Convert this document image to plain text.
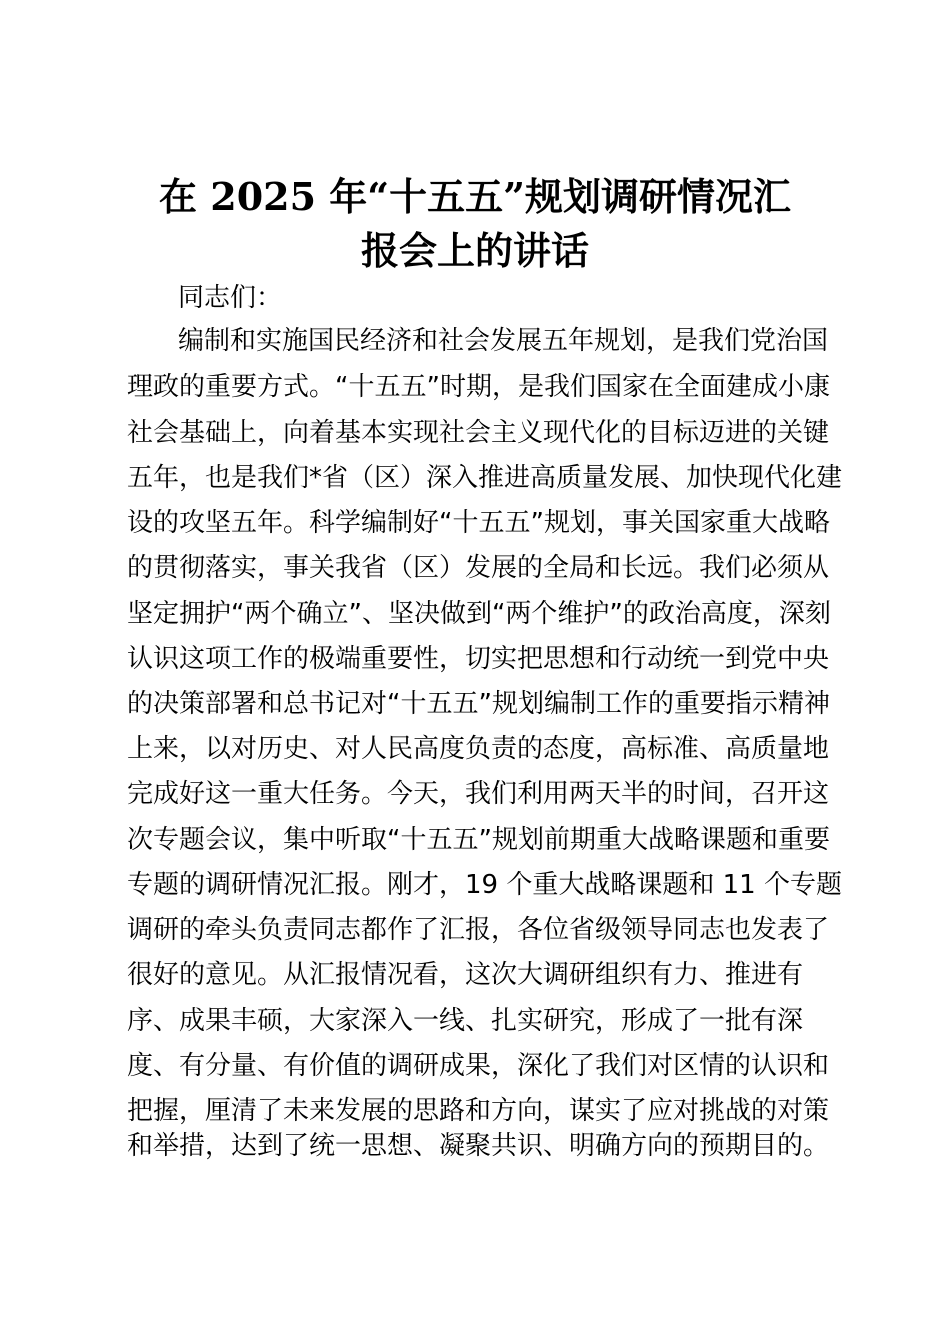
在 2025 年“十五五”规划调研情况汇
报会上的讲话

同志们：

编制和实施国民经济和社会发展五年规划，是我们党治国

理政的重要方式。“十五五”时期，是我们国家在全面建成小康

社会基础上，向着基本实现社会主义现代化的目标迈进的关键

五年，也是我们*省（区）深入推进高质量发展、加快现代化建

设的攻坚五年。科学编制好“十五五”规划，事关国家重大战略

的贯彻落实，事关我省（区）发展的全局和长远。我们必须从

坚定拥护“两个确立”、坚决做到“两个维护”的政治高度，深刻

认识这项工作的极端重要性，切实把思想和行动统一到党中央

的决策部署和总书记对“十五五”规划编制工作的重要指示精神

上来，以对历史、对人民高度负责的态度，高标准、高质量地

完成好这一重大任务。今天，我们利用两天半的时间，召开这

次专题会议，集中听取“十五五”规划前期重大战略课题和重要

专题的调研情况汇报。刚才，19 个重大战略课题和 11 个专题

调研的牵头负责同志都作了汇报，各位省级领导同志也发表了

很好的意见。从汇报情况看，这次大调研组织有力、推进有

序、成果丰硕，大家深入一线、扎实研究，形成了一批有深

度、有分量、有价值的调研成果，深化了我们对区情的认识和

把握，厘清了未来发展的思路和方向，谋实了应对挑战的对策

和举措，达到了统一思想、凝聚共识、明确方向的预期目的。
